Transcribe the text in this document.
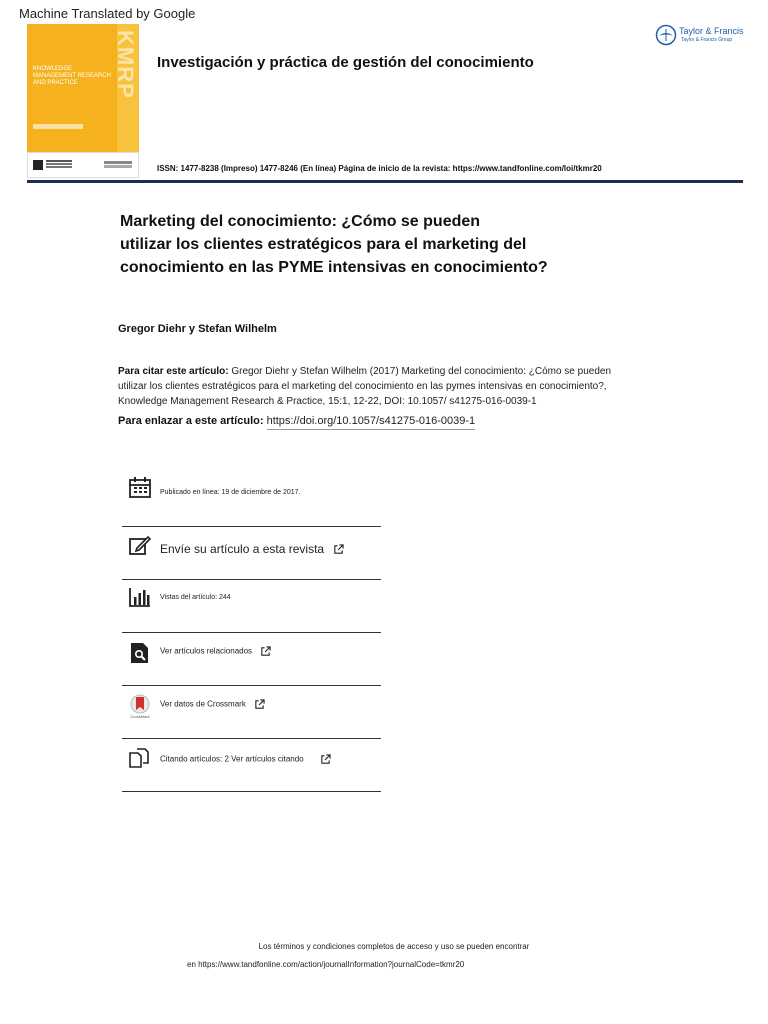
Machine Translated by Google
KMRP
KNOWLEDGE MANAGEMENT RESEARCH AND PRACTICE
Investigación y práctica de gestión del conocimiento
Taylor & Francis
Taylor & Francis Group
ISSN: 1477-8238 (Impreso) 1477-8246 (En línea) Página de inicio de la revista: https://www.tandfonline.com/loi/tkmr20
Marketing del conocimiento: ¿Cómo se pueden
utilizar los clientes estratégicos para el marketing del
conocimiento en las PYME intensivas en conocimiento?
Gregor Diehr y Stefan Wilhelm
Para citar este artículo: Gregor Diehr y Stefan Wilhelm (2017) Marketing del conocimiento: ¿Cómo se pueden utilizar los clientes estratégicos para el marketing del conocimiento en las pymes intensivas en conocimiento?, Knowledge Management Research & Practice, 15:1, 12-22, DOI: 10.1057/ s41275-016-0039-1
Para enlazar a este artículo: https://doi.org/10.1057/s41275-016-0039-1
Publicado en línea: 19 de diciembre de 2017.
Envíe su artículo a esta revista
Vistas del artículo: 244
Ver artículos relacionados
CrossMark
Ver datos de Crossmark
Citando artículos: 2 Ver artículos citando
Los términos y condiciones completos de acceso y uso se pueden encontrar
en https://www.tandfonline.com/action/journalInformation?journalCode=tkmr20
